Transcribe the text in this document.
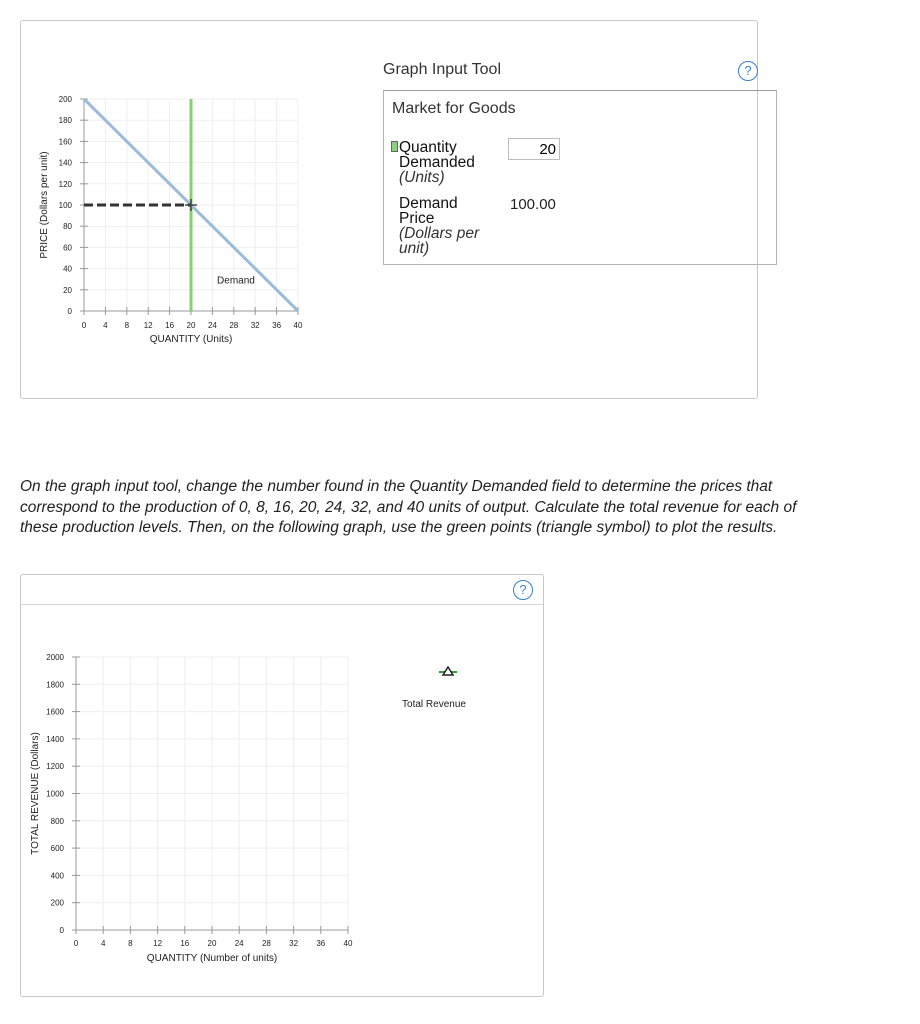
0 4 8 12 16 20 24 28 32 36 40
0
20
40
60
80
100
120
140
160
180
200
QUANTITY (Units)
PRICE (Dollars per unit)
Demand
Graph Input Tool	?
Market for Goods
Quantity
Demanded
(Units)
20
Demand
Price
(Dollars per
unit)
100.00

On the graph input tool, change the number found in the Quantity Demanded field to determine the prices that correspond to the production of 0, 8, 16, 20, 24, 32, and 40 units of output. Calculate the total revenue for each of these production levels. Then, on the following graph, use the green points (triangle symbol) to plot the results.

?
0	4	8	12 16 20 24 28 32 36 40
0
200
400
600
800
1000
1200
1400
1600
1800
2000
QUANTITY (Number of units)
TOTAL REVENUE (Dollars)
Total Revenue
